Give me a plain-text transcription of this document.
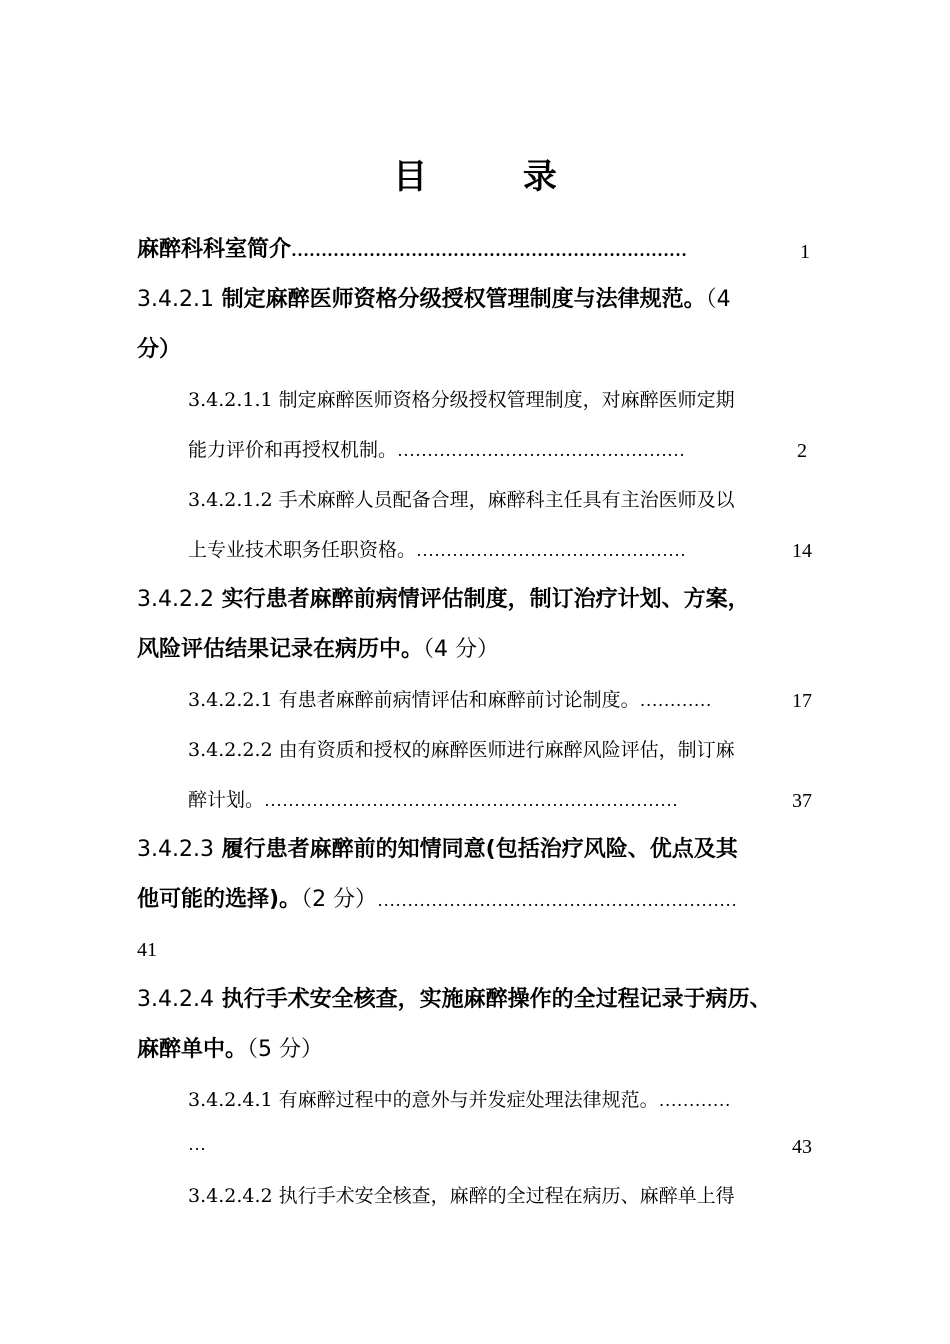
目 录
麻醉科科室简介…………………………………………………………	1
3.4.2.1 制定麻醉医师资格分级授权管理制度与法律规范。（4
分）
3.4.2.1.1 制定麻醉医师资格分级授权管理制度，对麻醉医师定期
能力评价和再授权机制。…………………………………………	2
3.4.2.1.2 手术麻醉人员配备合理，麻醉科主任具有主治医师及以
上专业技术职务任职资格。………………………………………	14
3.4.2.2 实行患者麻醉前病情评估制度，制订治疗计划、方案，
风险评估结果记录在病历中。（4 分）
3.4.2.2.1 有患者麻醉前病情评估和麻醉前讨论制度。…………	17
3.4.2.2.2 由有资质和授权的麻醉医师进行麻醉风险评估，制订麻
醉计划。……………………………………………………………	37
3.4.2.3 履行患者麻醉前的知情同意(包括治疗风险、优点及其
他可能的选择)。（2 分）……………………………………………………
41
3.4.2.4 执行手术安全核查，实施麻醉操作的全过程记录于病历、
麻醉单中。（5 分）
3.4.2.4.1 有麻醉过程中的意外与并发症处理法律规范。…………
…	43
3.4.2.4.2 执行手术安全核查，麻醉的全过程在病历、麻醉单上得
